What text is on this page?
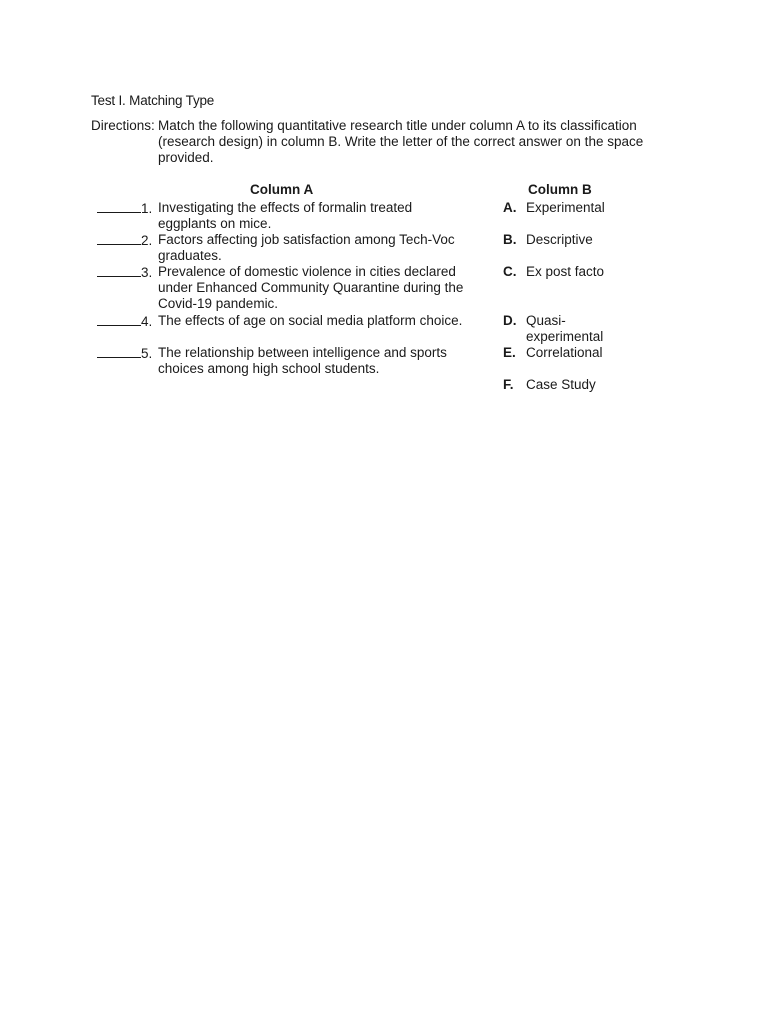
Test I. Matching Type
Directions: Match the following quantitative research title under column A to its classification
(research design) in column B. Write the letter of the correct answer on the space
provided.
Column A	Column B
1. Investigating the effects of formalin treated
eggplants on mice.
2. Factors affecting job satisfaction among Tech-Voc
graduates.
3. Prevalence of domestic violence in cities declared
under Enhanced Community Quarantine during the
Covid-19 pandemic.
4. The effects of age on social media platform choice.
5. The relationship between intelligence and sports
choices among high school students.
A. Experimental
B. Descriptive
C. Ex post facto
D. Quasi-
experimental
E. Correlational
F. Case Study
